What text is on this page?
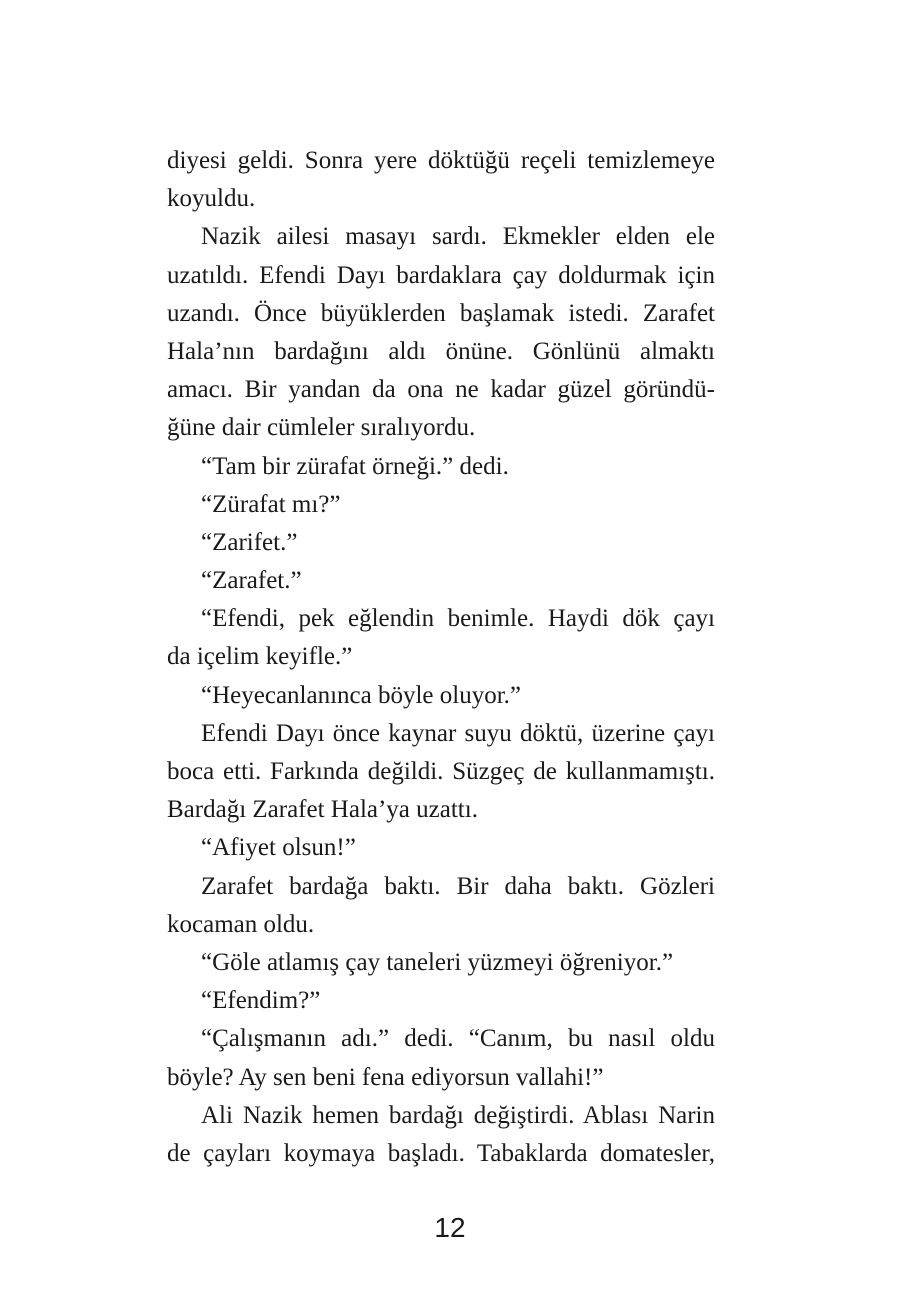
diyesi geldi. Sonra yere döktüğü reçeli temizlemeye
koyuldu.
Nazik ailesi masayı sardı. Ekmekler elden ele
uzatıldı. Efendi Dayı bardaklara çay doldurmak için
uzandı. Önce büyüklerden başlamak istedi. Zarafet
Hala’nın bardağını aldı önüne. Gönlünü almaktı
amacı. Bir yandan da ona ne kadar güzel göründü-
ğüne dair cümleler sıralıyordu.
“Tam bir zürafat örneği.” dedi.
“Zürafat mı?”
“Zarifet.”
“Zarafet.”
“Efendi, pek eğlendin benimle. Haydi dök çayı
da içelim keyifle.”
“Heyecanlanınca böyle oluyor.”
Efendi Dayı önce kaynar suyu döktü, üzerine çayı
boca etti. Farkında değildi. Süzgeç de kullanmamıştı.
Bardağı Zarafet Hala’ya uzattı.
“Afiyet olsun!”
Zarafet bardağa baktı. Bir daha baktı. Gözleri
kocaman oldu.
“Göle atlamış çay taneleri yüzmeyi öğreniyor.”
“Efendim?”
“Çalışmanın adı.” dedi. “Canım, bu nasıl oldu
böyle? Ay sen beni fena ediyorsun vallahi!”
Ali Nazik hemen bardağı değiştirdi. Ablası Narin
de çayları koymaya başladı. Tabaklarda domatesler,
12
